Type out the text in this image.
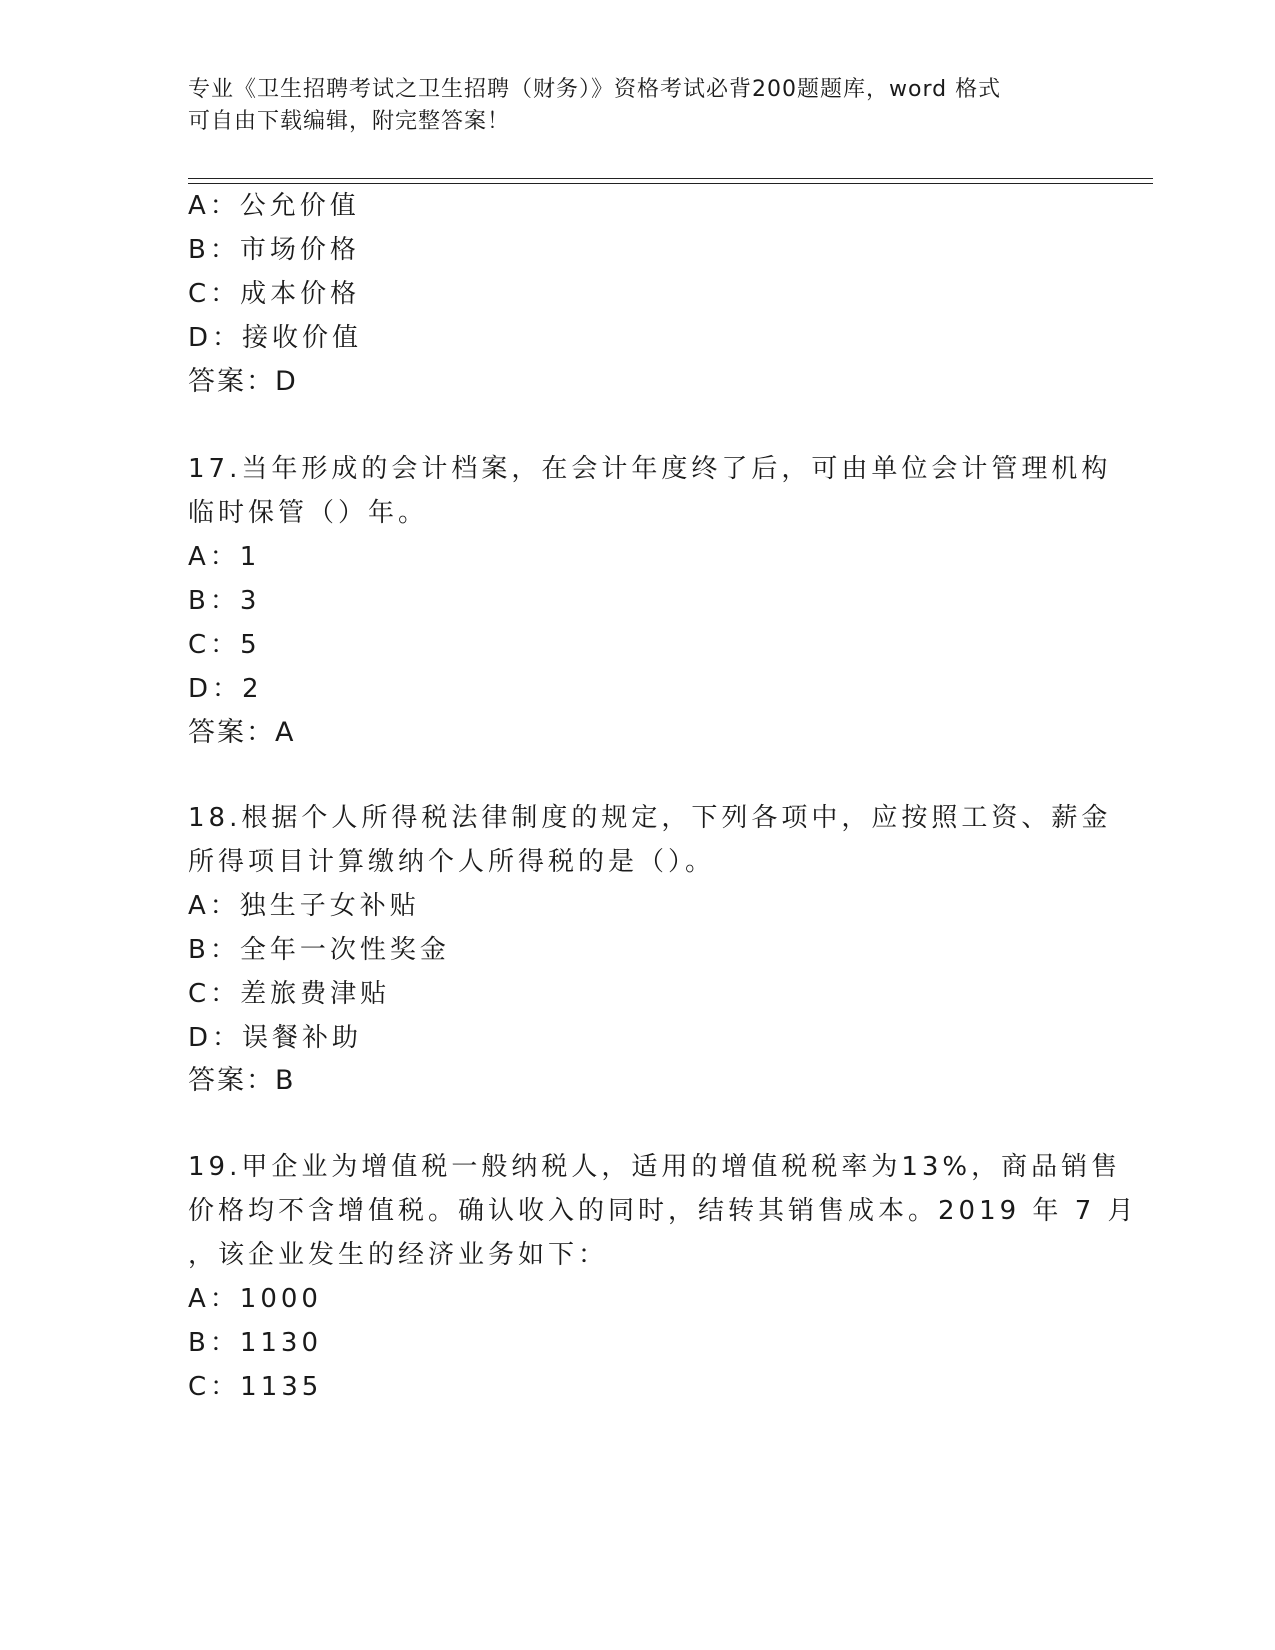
专业《卫生招聘考试之卫生招聘（财务）》资格考试必背200题题库，word 格式
可自由下载编辑，附完整答案！
A：公允价值
B：市场价格
C：成本价格
D：接收价值
答案：D
17.当年形成的会计档案，在会计年度终了后，可由单位会计管理机构
临时保管（）年。
A：1
B：3
C：5
D：2
答案：A
18.根据个人所得税法律制度的规定，下列各项中，应按照工资、薪金
所得项目计算缴纳个人所得税的是（）。
A：独生子女补贴
B：全年一次性奖金
C：差旅费津贴
D：误餐补助
答案：B
19.甲企业为增值税一般纳税人，适用的增值税税率为13%，商品销售
价格均不含增值税。确认收入的同时，结转其销售成本。2019 年 7 月
，该企业发生的经济业务如下：
A：1000
B：1130
C：1135
